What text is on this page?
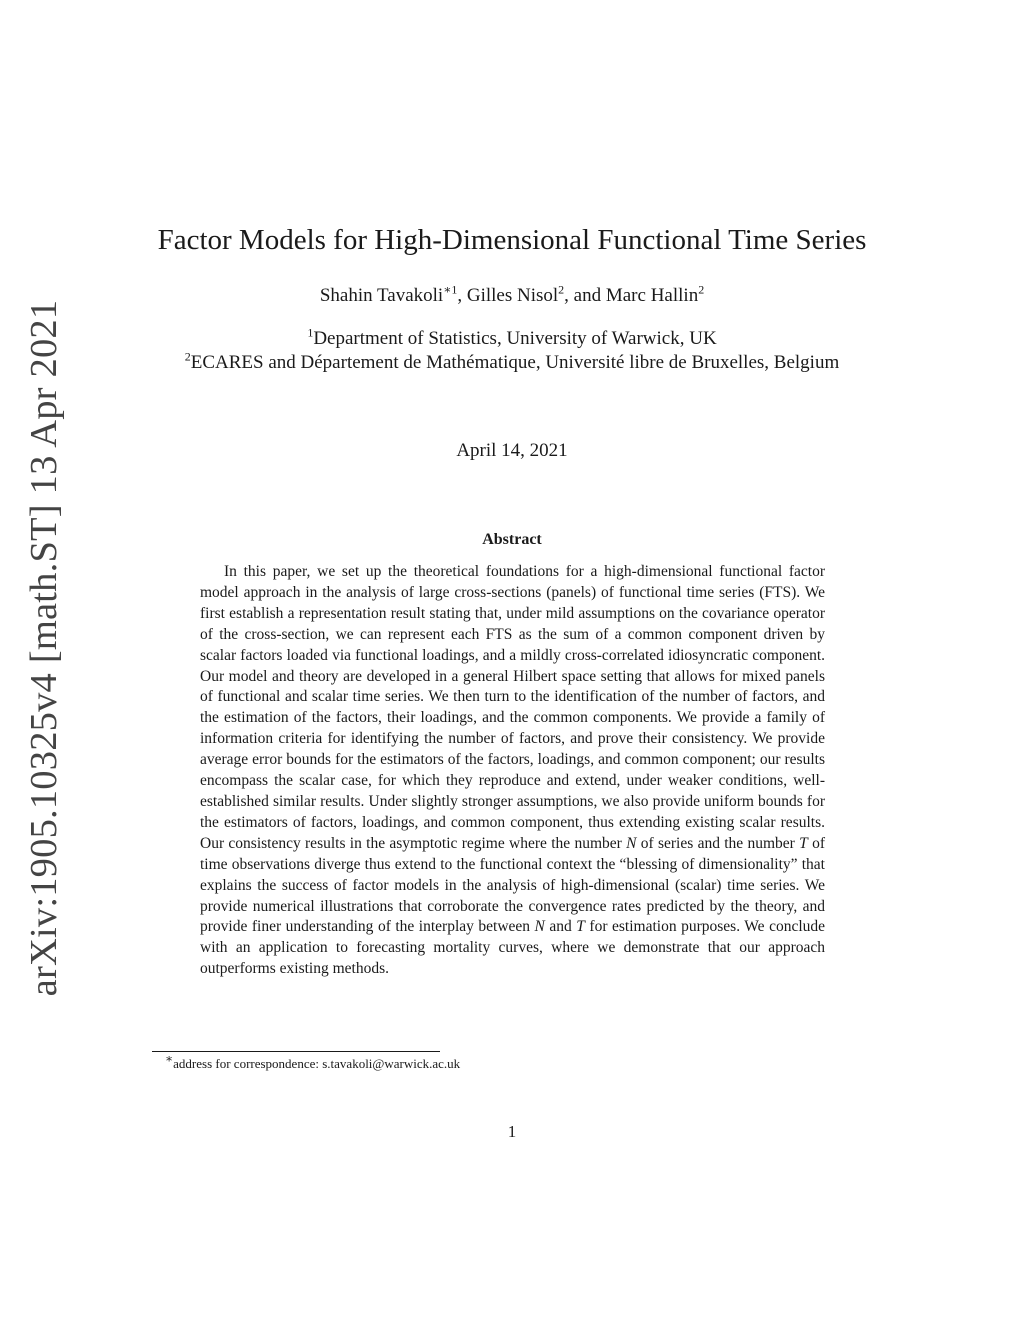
arXiv:1905.10325v4 [math.ST] 13 Apr 2021
Factor Models for High-Dimensional Functional Time Series
Shahin Tavakoli$^{∗1}$, Gilles Nisol$^2$, and Marc Hallin$^2$
$^1$Department of Statistics, University of Warwick, UK
$^2$ECARES and Département de Mathématique, Université libre de Bruxelles, Belgium
April 14, 2021
Abstract

In this paper, we set up the theoretical foundations for a high-dimensional functional factor model approach in the analysis of large cross-sections (panels) of functional time series (FTS). We first establish a representation result stating that, under mild assumptions on the covariance operator of the cross-section, we can represent each FTS as the sum of a common component driven by scalar factors loaded via functional loadings, and a mildly cross-correlated idiosyncratic component. Our model and theory are developed in a general Hilbert space setting that allows for mixed panels of functional and scalar time series. We then turn to the identification of the number of factors, and the estimation of the factors, their loadings, and the common components. We provide a family of information criteria for identifying the number of factors, and prove their consistency. We provide average error bounds for the estimators of the factors, loadings, and common component; our results encompass the scalar case, for which they reproduce and extend, under weaker conditions, well-established similar results. Under slightly stronger assumptions, we also provide uniform bounds for the estimators of factors, loadings, and common component, thus extending existing scalar results. Our consistency results in the asymptotic regime where the number N of series and the number T of time observations diverge thus extend to the functional context the “blessing of dimensionality” that explains the success of factor models in the analysis of high-dimensional (scalar) time series. We provide numerical illustrations that corroborate the convergence rates predicted by the theory, and provide finer understanding of the interplay between N and T for estimation purposes. We conclude with an application to forecasting mortality curves, where we demonstrate that our approach outperforms existing methods.

∗address for correspondence: s.tavakoli@warwick.ac.uk
1
